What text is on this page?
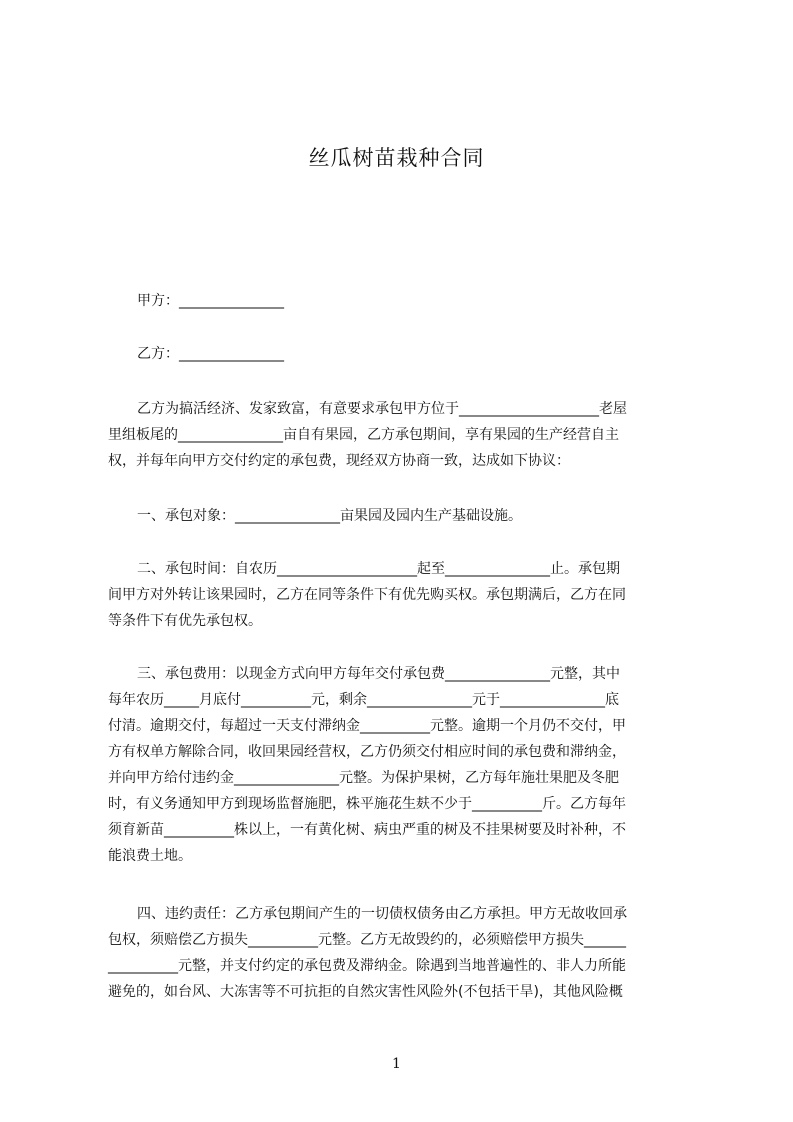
丝瓜树苗栽种合同
甲方：_______________
乙方：_______________
乙方为搞活经济、发家致富，有意要求承包甲方位于____________________老屋
里组板尾的_______________亩自有果园，乙方承包期间，享有果园的生产经营自主
权，并每年向甲方交付约定的承包费，现经双方协商一致，达成如下协议：
一、承包对象：_______________亩果园及园内生产基础设施。
二、承包时间：自农历____________________起至_______________止。承包期
间甲方对外转让该果园时，乙方在同等条件下有优先购买权。承包期满后，乙方在同
等条件下有优先承包权。
三、承包费用：以现金方式向甲方每年交付承包费_______________元整，其中
每年农历_____月底付__________元，剩余_______________元于_______________底
付清。逾期交付，每超过一天支付滞纳金__________元整。逾期一个月仍不交付，甲
方有权单方解除合同，收回果园经营权，乙方仍须交付相应时间的承包费和滞纳金，
并向甲方给付违约金_______________元整。为保护果树，乙方每年施壮果肥及冬肥
时，有义务通知甲方到现场监督施肥，株平施花生麸不少于__________斤。乙方每年
须育新苗__________株以上，一有黄化树、病虫严重的树及不挂果树要及时补种，不
能浪费土地。
四、违约责任：乙方承包期间产生的一切债权债务由乙方承担。甲方无故收回承
包权，须赔偿乙方损失__________元整。乙方无故毁约的，必须赔偿甲方损失______
__________元整，并支付约定的承包费及滞纳金。除遇到当地普遍性的、非人力所能
避免的，如台风、大冻害等不可抗拒的自然灾害性风险外(不包括干旱)，其他风险概
1
